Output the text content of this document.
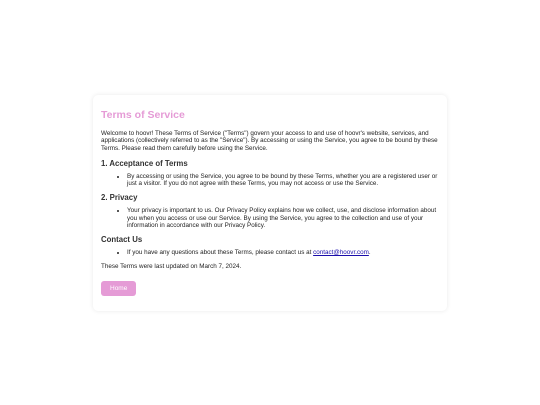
Terms of Service

Welcome to hoovr! These Terms of Service ("Terms") govern your access to and use of hoovr's website, services, and applications (collectively referred to as the "Service"). By accessing or using the Service, you agree to be bound by these Terms. Please read them carefully before using the Service.

1. Acceptance of Terms
• By accessing or using the Service, you agree to be bound by these Terms, whether you are a registered user or just a visitor. If you do not agree with these Terms, you may not access or use the Service.
2. Privacy
• Your privacy is important to us. Our Privacy Policy explains how we collect, use, and disclose information about you when you access or use our Service. By using the Service, you agree to the collection and use of your information in accordance with our Privacy Policy.
Contact Us
• If you have any questions about these Terms, please contact us at contact@hoovr.com.

These Terms were last updated on March 7, 2024.

Home
